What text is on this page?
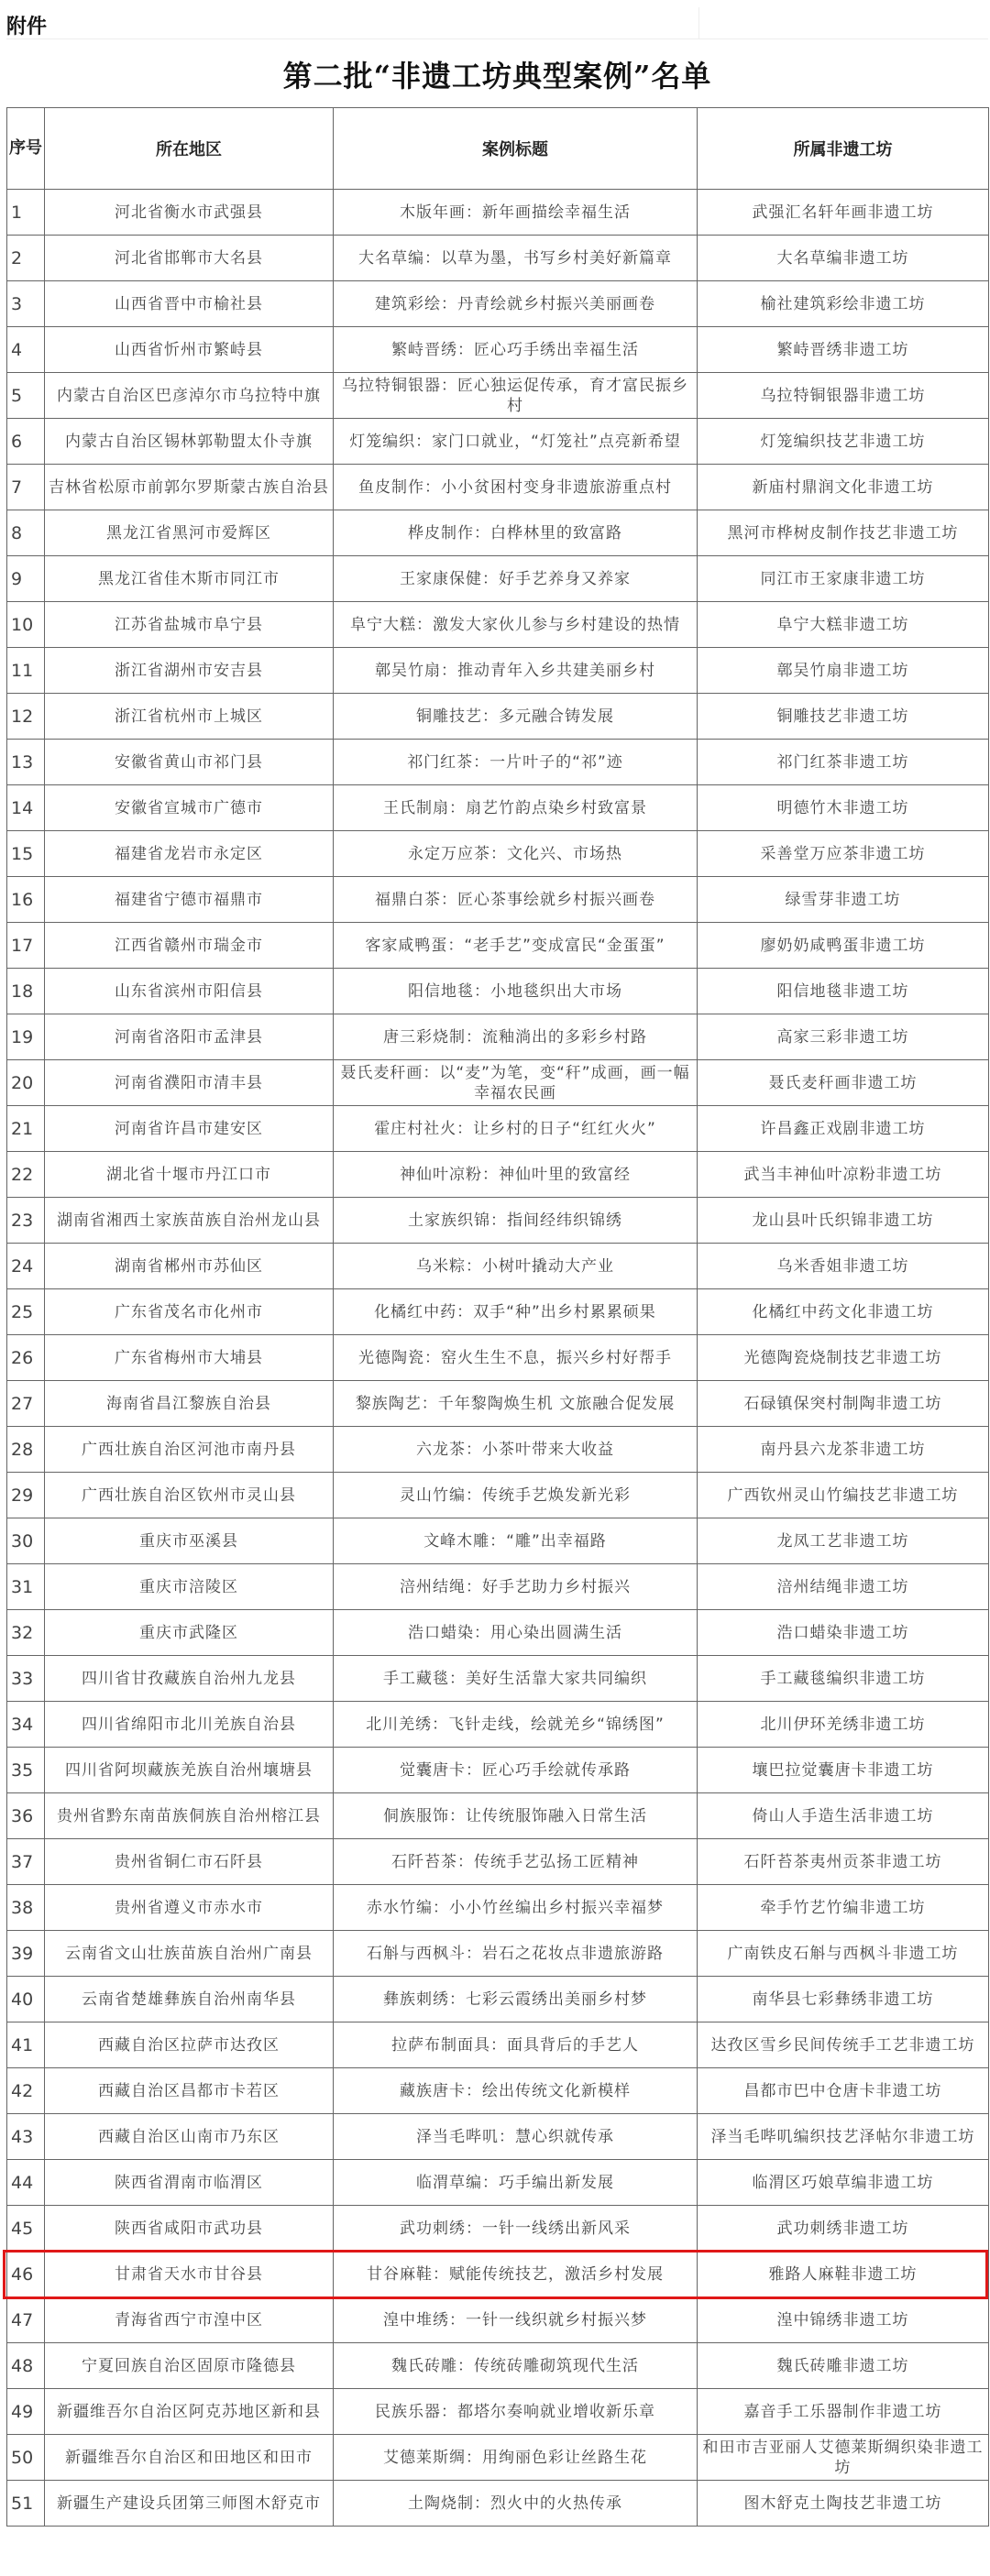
附件
第二批“非遗工坊典型案例”名单
序号	所在地区	案例标题	所属非遗工坊
1	河北省衡水市武强县	木版年画：新年画描绘幸福生活	武强汇名轩年画非遗工坊
2	河北省邯郸市大名县	大名草编：以草为墨，书写乡村美好新篇章	大名草编非遗工坊
3	山西省晋中市榆社县	建筑彩绘：丹青绘就乡村振兴美丽画卷	榆社建筑彩绘非遗工坊
4	山西省忻州市繁峙县	繁峙晋绣：匠心巧手绣出幸福生活	繁峙晋绣非遗工坊
5	内蒙古自治区巴彦淖尔市乌拉特中旗	乌拉特铜银器：匠心独运促传承，育才富民振乡村	乌拉特铜银器非遗工坊
6	内蒙古自治区锡林郭勒盟太仆寺旗	灯笼编织：家门口就业，“灯笼社”点亮新希望	灯笼编织技艺非遗工坊
7	吉林省松原市前郭尔罗斯蒙古族自治县	鱼皮制作：小小贫困村变身非遗旅游重点村	新庙村鼎润文化非遗工坊
8	黑龙江省黑河市爱辉区	桦皮制作：白桦林里的致富路	黑河市桦树皮制作技艺非遗工坊
9	黑龙江省佳木斯市同江市	王家康保健：好手艺养身又养家	同江市王家康非遗工坊
10	江苏省盐城市阜宁县	阜宁大糕：激发大家伙儿参与乡村建设的热情	阜宁大糕非遗工坊
11	浙江省湖州市安吉县	鄣吴竹扇：推动青年入乡共建美丽乡村	鄣吴竹扇非遗工坊
12	浙江省杭州市上城区	铜雕技艺：多元融合铸发展	铜雕技艺非遗工坊
13	安徽省黄山市祁门县	祁门红茶：一片叶子的“祁”迹	祁门红茶非遗工坊
14	安徽省宣城市广德市	王氏制扇：扇艺竹韵点染乡村致富景	明德竹木非遗工坊
15	福建省龙岩市永定区	永定万应茶：文化兴、市场热	采善堂万应茶非遗工坊
16	福建省宁德市福鼎市	福鼎白茶：匠心茶事绘就乡村振兴画卷	绿雪芽非遗工坊
17	江西省赣州市瑞金市	客家咸鸭蛋：“老手艺”变成富民“金蛋蛋”	廖奶奶咸鸭蛋非遗工坊
18	山东省滨州市阳信县	阳信地毯：小地毯织出大市场	阳信地毯非遗工坊
19	河南省洛阳市孟津县	唐三彩烧制：流釉淌出的多彩乡村路	高家三彩非遗工坊
20	河南省濮阳市清丰县	聂氏麦秆画：以“麦”为笔，变“秆”成画，画一幅幸福农民画	聂氏麦秆画非遗工坊
21	河南省许昌市建安区	霍庄村社火：让乡村的日子“红红火火”	许昌鑫正戏剧非遗工坊
22	湖北省十堰市丹江口市	神仙叶凉粉：神仙叶里的致富经	武当丰神仙叶凉粉非遗工坊
23	湖南省湘西土家族苗族自治州龙山县	土家族织锦：指间经纬织锦绣	龙山县叶氏织锦非遗工坊
24	湖南省郴州市苏仙区	乌米粽：小树叶撬动大产业	乌米香姐非遗工坊
25	广东省茂名市化州市	化橘红中药：双手“种”出乡村累累硕果	化橘红中药文化非遗工坊
26	广东省梅州市大埔县	光德陶瓷：窑火生生不息，振兴乡村好帮手	光德陶瓷烧制技艺非遗工坊
27	海南省昌江黎族自治县	黎族陶艺：千年黎陶焕生机 文旅融合促发展	石碌镇保突村制陶非遗工坊
28	广西壮族自治区河池市南丹县	六龙茶：小茶叶带来大收益	南丹县六龙茶非遗工坊
29	广西壮族自治区钦州市灵山县	灵山竹编：传统手艺焕发新光彩	广西钦州灵山竹编技艺非遗工坊
30	重庆市巫溪县	文峰木雕：“雕”出幸福路	龙凤工艺非遗工坊
31	重庆市涪陵区	涪州结绳：好手艺助力乡村振兴	涪州结绳非遗工坊
32	重庆市武隆区	浩口蜡染：用心染出圆满生活	浩口蜡染非遗工坊
33	四川省甘孜藏族自治州九龙县	手工藏毯：美好生活靠大家共同编织	手工藏毯编织非遗工坊
34	四川省绵阳市北川羌族自治县	北川羌绣：飞针走线，绘就羌乡“锦绣图”	北川伊环羌绣非遗工坊
35	四川省阿坝藏族羌族自治州壤塘县	觉囊唐卡：匠心巧手绘就传承路	壤巴拉觉囊唐卡非遗工坊
36	贵州省黔东南苗族侗族自治州榕江县	侗族服饰：让传统服饰融入日常生活	倚山人手造生活非遗工坊
37	贵州省铜仁市石阡县	石阡苔茶：传统手艺弘扬工匠精神	石阡苔茶夷州贡茶非遗工坊
38	贵州省遵义市赤水市	赤水竹编：小小竹丝编出乡村振兴幸福梦	牵手竹艺竹编非遗工坊
39	云南省文山壮族苗族自治州广南县	石斛与西枫斗：岩石之花妆点非遗旅游路	广南铁皮石斛与西枫斗非遗工坊
40	云南省楚雄彝族自治州南华县	彝族刺绣：七彩云霞绣出美丽乡村梦	南华县七彩彝绣非遗工坊
41	西藏自治区拉萨市达孜区	拉萨布制面具：面具背后的手艺人	达孜区雪乡民间传统手工艺非遗工坊
42	西藏自治区昌都市卡若区	藏族唐卡：绘出传统文化新模样	昌都市巴中仓唐卡非遗工坊
43	西藏自治区山南市乃东区	泽当毛哔叽：慧心织就传承	泽当毛哔叽编织技艺泽帖尔非遗工坊
44	陕西省渭南市临渭区	临渭草编：巧手编出新发展	临渭区巧娘草编非遗工坊
45	陕西省咸阳市武功县	武功刺绣：一针一线绣出新风采	武功刺绣非遗工坊
46	甘肃省天水市甘谷县	甘谷麻鞋：赋能传统技艺，激活乡村发展	雅路人麻鞋非遗工坊
47	青海省西宁市湟中区	湟中堆绣：一针一线织就乡村振兴梦	湟中锦绣非遗工坊
48	宁夏回族自治区固原市隆德县	魏氏砖雕：传统砖雕砌筑现代生活	魏氏砖雕非遗工坊
49	新疆维吾尔自治区阿克苏地区新和县	民族乐器：都塔尔奏响就业增收新乐章	嘉音手工乐器制作非遗工坊
50	新疆维吾尔自治区和田地区和田市	艾德莱斯绸：用绚丽色彩让丝路生花	和田市吉亚丽人艾德莱斯绸织染非遗工坊
51	新疆生产建设兵团第三师图木舒克市	土陶烧制：烈火中的火热传承	图木舒克土陶技艺非遗工坊
